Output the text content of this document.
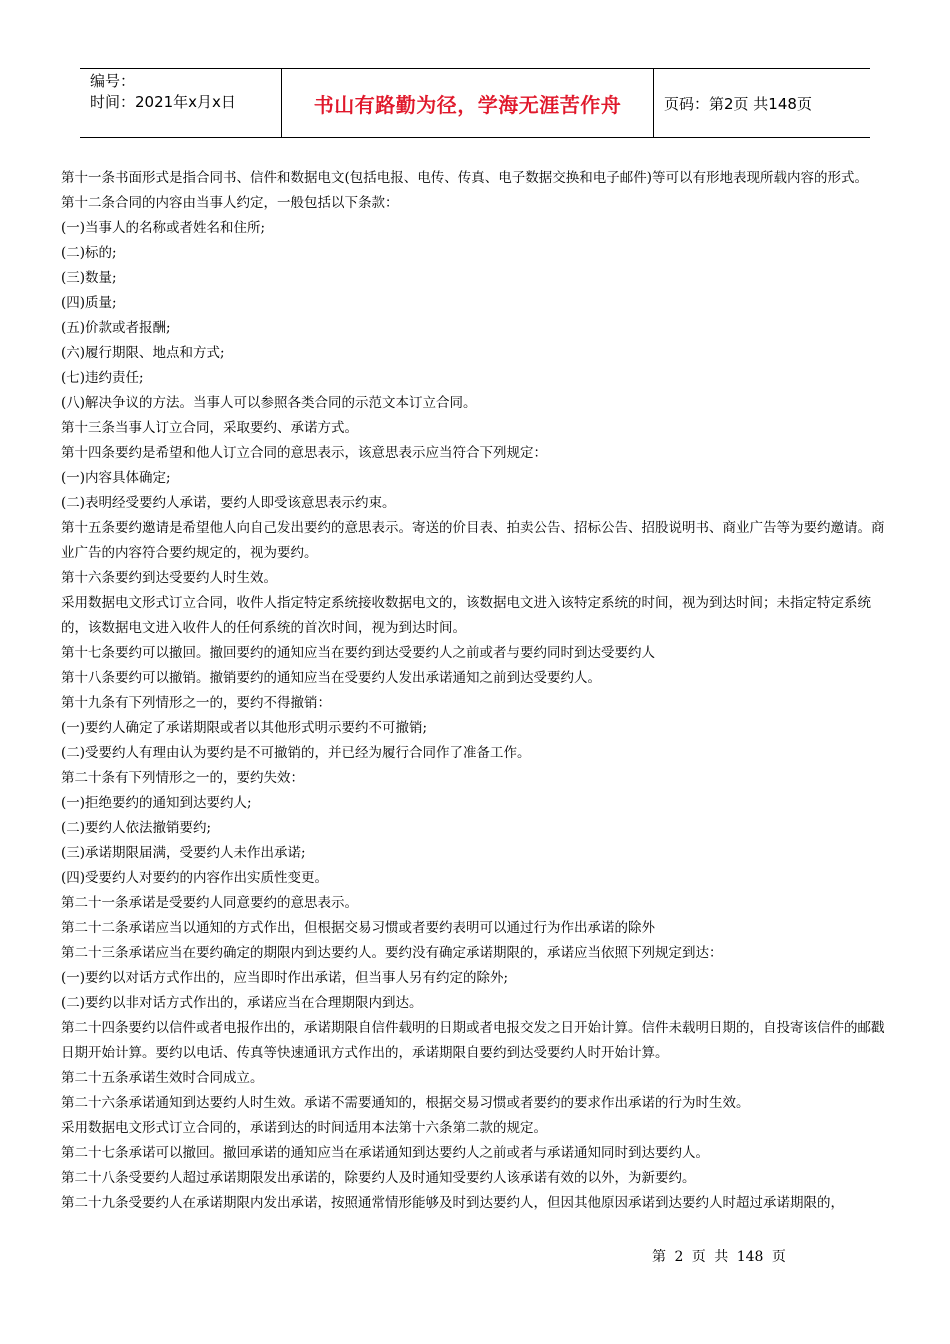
编号：
时间：2021年x月x日	书山有路勤为径，学海无涯苦作舟	页码：第2页 共148页

第十一条书面形式是指合同书、信件和数据电文(包括电报、电传、传真、电子数据交换和电子邮件)等可以有形地表现所载内容的形式。

第十二条合同的内容由当事人约定，一般包括以下条款：

(一)当事人的名称或者姓名和住所;

(二)标的;

(三)数量;

(四)质量;

(五)价款或者报酬;

(六)履行期限、地点和方式;

(七)违约责任;

(八)解决争议的方法。当事人可以参照各类合同的示范文本订立合同。

第十三条当事人订立合同，采取要约、承诺方式。

第十四条要约是希望和他人订立合同的意思表示，该意思表示应当符合下列规定：

(一)内容具体确定;

(二)表明经受要约人承诺，要约人即受该意思表示约束。

第十五条要约邀请是希望他人向自己发出要约的意思表示。寄送的价目表、拍卖公告、招标公告、招股说明书、商业广告等为要约邀请。商业广告的内容符合要约规定的，视为要约。

第十六条要约到达受要约人时生效。

采用数据电文形式订立合同，收件人指定特定系统接收数据电文的，该数据电文进入该特定系统的时间，视为到达时间；未指定特定系统的，该数据电文进入收件人的任何系统的首次时间，视为到达时间。

第十七条要约可以撤回。撤回要约的通知应当在要约到达受要约人之前或者与要约同时到达受要约人

第十八条要约可以撤销。撤销要约的通知应当在受要约人发出承诺通知之前到达受要约人。

第十九条有下列情形之一的，要约不得撤销：

(一)要约人确定了承诺期限或者以其他形式明示要约不可撤销;

(二)受要约人有理由认为要约是不可撤销的，并已经为履行合同作了准备工作。

第二十条有下列情形之一的，要约失效：

(一)拒绝要约的通知到达要约人;

(二)要约人依法撤销要约;

(三)承诺期限届满，受要约人未作出承诺;

(四)受要约人对要约的内容作出实质性变更。

第二十一条承诺是受要约人同意要约的意思表示。

第二十二条承诺应当以通知的方式作出，但根据交易习惯或者要约表明可以通过行为作出承诺的除外

第二十三条承诺应当在要约确定的期限内到达要约人。要约没有确定承诺期限的，承诺应当依照下列规定到达：

(一)要约以对话方式作出的，应当即时作出承诺，但当事人另有约定的除外;

(二)要约以非对话方式作出的，承诺应当在合理期限内到达。

第二十四条要约以信件或者电报作出的，承诺期限自信件载明的日期或者电报交发之日开始计算。信件未载明日期的，自投寄该信件的邮戳日期开始计算。要约以电话、传真等快速通讯方式作出的，承诺期限自要约到达受要约人时开始计算。

第二十五条承诺生效时合同成立。

第二十六条承诺通知到达要约人时生效。承诺不需要通知的，根据交易习惯或者要约的要求作出承诺的行为时生效。

采用数据电文形式订立合同的，承诺到达的时间适用本法第十六条第二款的规定。

第二十七条承诺可以撤回。撤回承诺的通知应当在承诺通知到达要约人之前或者与承诺通知同时到达要约人。

第二十八条受要约人超过承诺期限发出承诺的，除要约人及时通知受要约人该承诺有效的以外，为新要约。

第二十九条受要约人在承诺期限内发出承诺，按照通常情形能够及时到达要约人，但因其他原因承诺到达要约人时超过承诺期限的，

第 2 页 共 148 页
